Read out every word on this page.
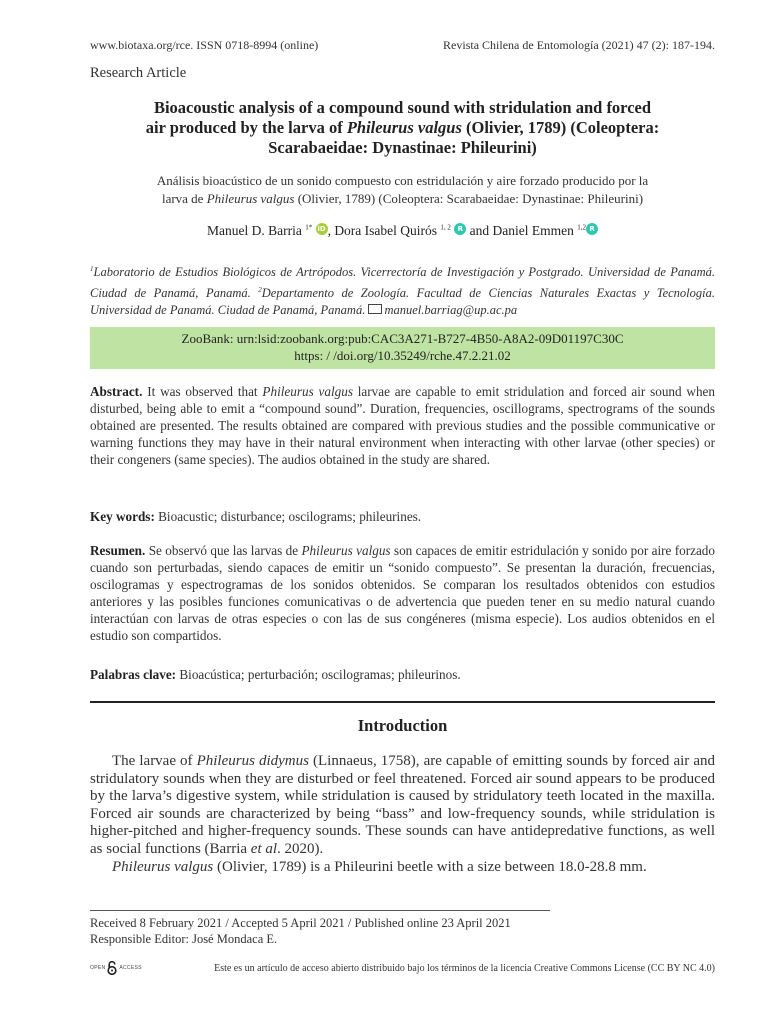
www.biotaxa.org/rce. ISSN 0718-8994 (online)	Revista Chilena de Entomología (2021) 47 (2): 187-194.
Research Article
Bioacoustic analysis of a compound sound with stridulation and forced
air produced by the larva of Phileurus valgus (Olivier, 1789) (Coleoptera:
Scarabaeidae: Dynastinae: Phileurini)
Análisis bioacústico de un sonido compuesto con estridulación y aire forzado producido por la
larva de Phileurus valgus (Olivier, 1789) (Coleoptera: Scarabaeidae: Dynastinae: Phileurini)
Manuel D. Barria $^{1*}$ iD , Dora Isabel Quirós $^{1, 2}$ R and Daniel Emmen $^{1,2}$ R
$^1$Laboratorio de Estudios Biológicos de Artrópodos. Vicerrectoría de Investigación y Postgrado. Universidad de Panamá. Ciudad de Panamá, Panamá. $^2$Departamento de Zoología. Facultad de Ciencias Naturales Exactas y Tecnología. Universidad de Panamá. Ciudad de Panamá, Panamá. manuel.barriag@up.ac.pa
ZooBank: urn:lsid:zoobank.org:pub:CAC3A271-B727-4B50-A8A2-09D01197C30C
https: / /doi.org/10.35249/rche.47.2.21.02
Abstract. It was observed that Phileurus valgus larvae are capable to emit stridulation and forced air sound when disturbed, being able to emit a “compound sound”. Duration, frequencies, oscillograms, spectrograms of the sounds obtained are presented. The results obtained are compared with previous studies and the possible communicative or warning functions they may have in their natural environment when interacting with other larvae (other species) or their congeners (same species). The audios obtained in the study are shared.
Key words: Bioacustic; disturbance; oscilograms; phileurines.
Resumen. Se observó que las larvas de Phileurus valgus son capaces de emitir estridulación y sonido por aire forzado cuando son perturbadas, siendo capaces de emitir un “sonido compuesto”. Se presentan la duración, frecuencias, oscilogramas y espectrogramas de los sonidos obtenidos. Se comparan los resultados obtenidos con estudios anteriores y las posibles funciones comunicativas o de advertencia que pueden tener en su medio natural cuando interactúan con larvas de otras especies o con las de sus congéneres (misma especie). Los audios obtenidos en el estudio son compartidos.
Palabras clave: Bioacústica; perturbación; oscilogramas; phileurinos.
Introduction

The larvae of Phileurus didymus (Linnaeus, 1758), are capable of emitting sounds by forced air and stridulatory sounds when they are disturbed or feel threatened. Forced air sound appears to be produced by the larva’s digestive system, while stridulation is caused by stridulatory teeth located in the maxilla. Forced air sounds are characterized by being “bass” and low-frequency sounds, while stridulation is higher-pitched and higher-frequency sounds. These sounds can have antidepredative functions, as well as social functions (Barria et al. 2020).

Phileurus valgus (Olivier, 1789) is a Phileurini beetle with a size between 18.0-28.8 mm.

Received 8 February 2021 / Accepted 5 April 2021 / Published online 23 April 2021
Responsible Editor: José Mondaca E.
OPEN	ACCESS	Este es un artículo de acceso abierto distribuido bajo los términos de la licencia Creative Commons License (CC BY NC 4.0)
